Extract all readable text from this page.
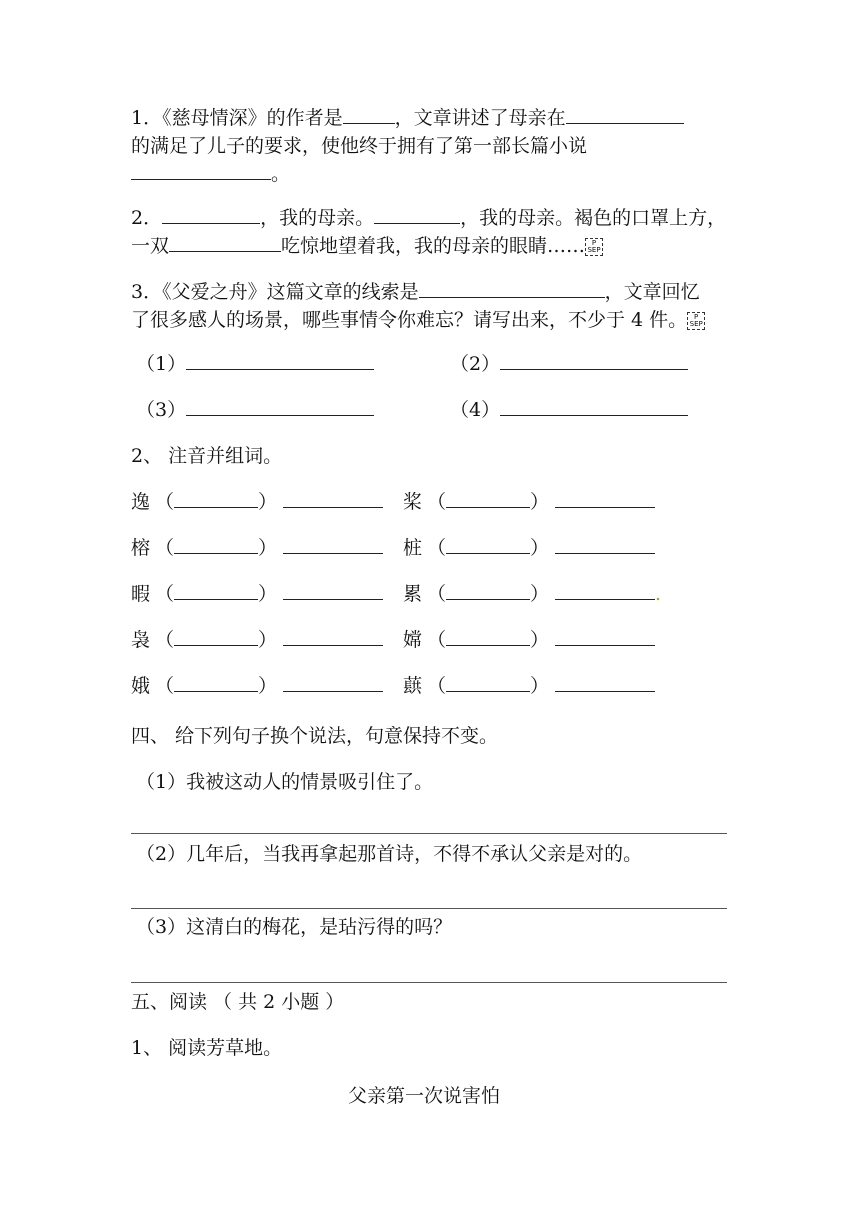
1．《慈母情深》的作者是	，文章讲述了母亲在
的满足了儿子的要求，使他终于拥有了第一部长篇小说
。
2．	，我的母亲。	，我的母亲。褐色的口罩上方，
一双	吃惊地望着我，我的母亲的眼睛…… P SEP
3．《父爱之舟》这篇文章的线索是	，文章回忆
了很多感人的场景，哪些事情令你难忘？请写出来，不少于 4 件。 P SEP
（1）	（2）
（3）	（4）
2、 注音并组词。
逸 （	）	桨 （	）
榕 （	）	桩 （	）
暇 （	）	累 （	）	.
袅 （	）	嫦 （	）
娥 （	）	蕻 （	）
四、 给下列句子换个说法，句意保持不变。
（1）我被这动人的情景吸引住了。
（2）几年后，当我再拿起那首诗，不得不承认父亲是对的。
（3）这清白的梅花，是玷污得的吗？
五、阅读 （ 共 2 小题 ）
1、 阅读芳草地。
父亲第一次说害怕
